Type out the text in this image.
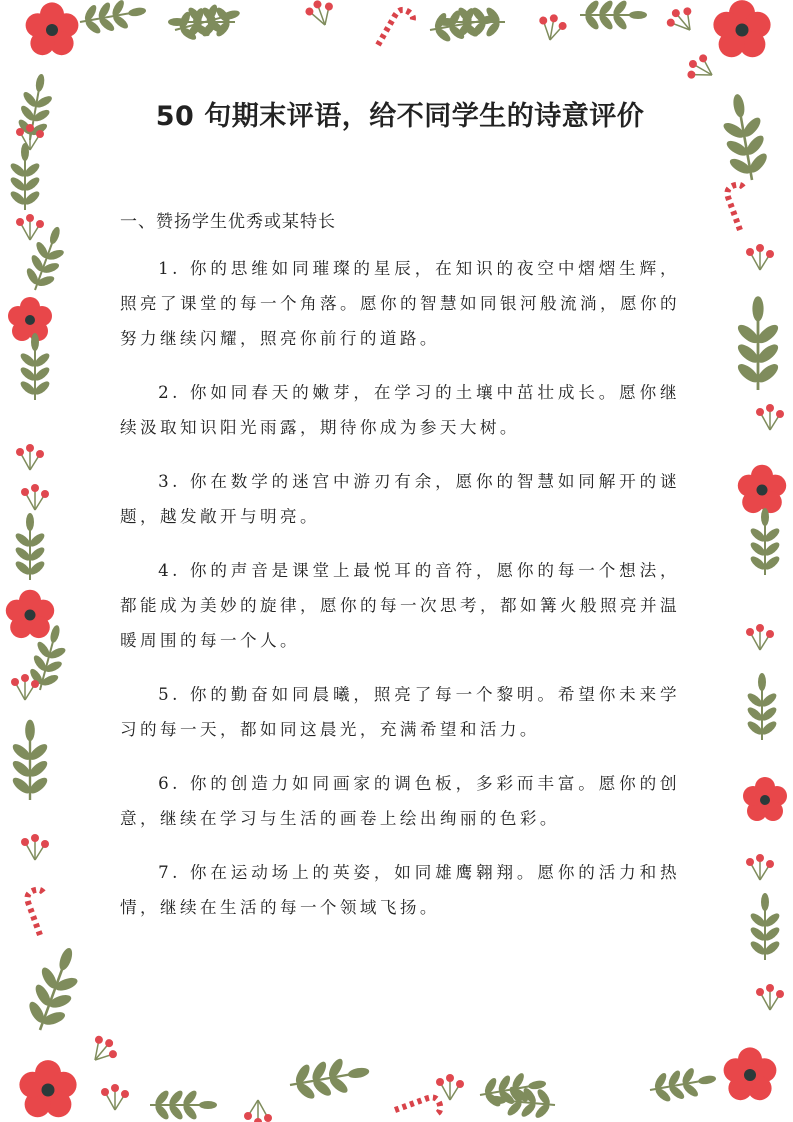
50 句期末评语，给不同学生的诗意评价
一、赞扬学生优秀或某特长

1. 你的思维如同璀璨的星辰，在知识的夜空中熠熠生辉，照亮了课堂的每一个角落。愿你的智慧如同银河般流淌，愿你的努力继续闪耀，照亮你前行的道路。

2. 你如同春天的嫩芽，在学习的土壤中茁壮成长。愿你继续汲取知识阳光雨露，期待你成为参天大树。

3. 你在数学的迷宫中游刃有余，愿你的智慧如同解开的谜题，越发敞开与明亮。

4. 你的声音是课堂上最悦耳的音符，愿你的每一个想法，都能成为美妙的旋律，愿你的每一次思考，都如篝火般照亮并温暖周围的每一个人。

5. 你的勤奋如同晨曦，照亮了每一个黎明。希望你未来学习的每一天，都如同这晨光，充满希望和活力。

6. 你的创造力如同画家的调色板，多彩而丰富。愿你的创意，继续在学习与生活的画卷上绘出绚丽的色彩。

7. 你在运动场上的英姿，如同雄鹰翱翔。愿你的活力和热情，继续在生活的每一个领域飞扬。
